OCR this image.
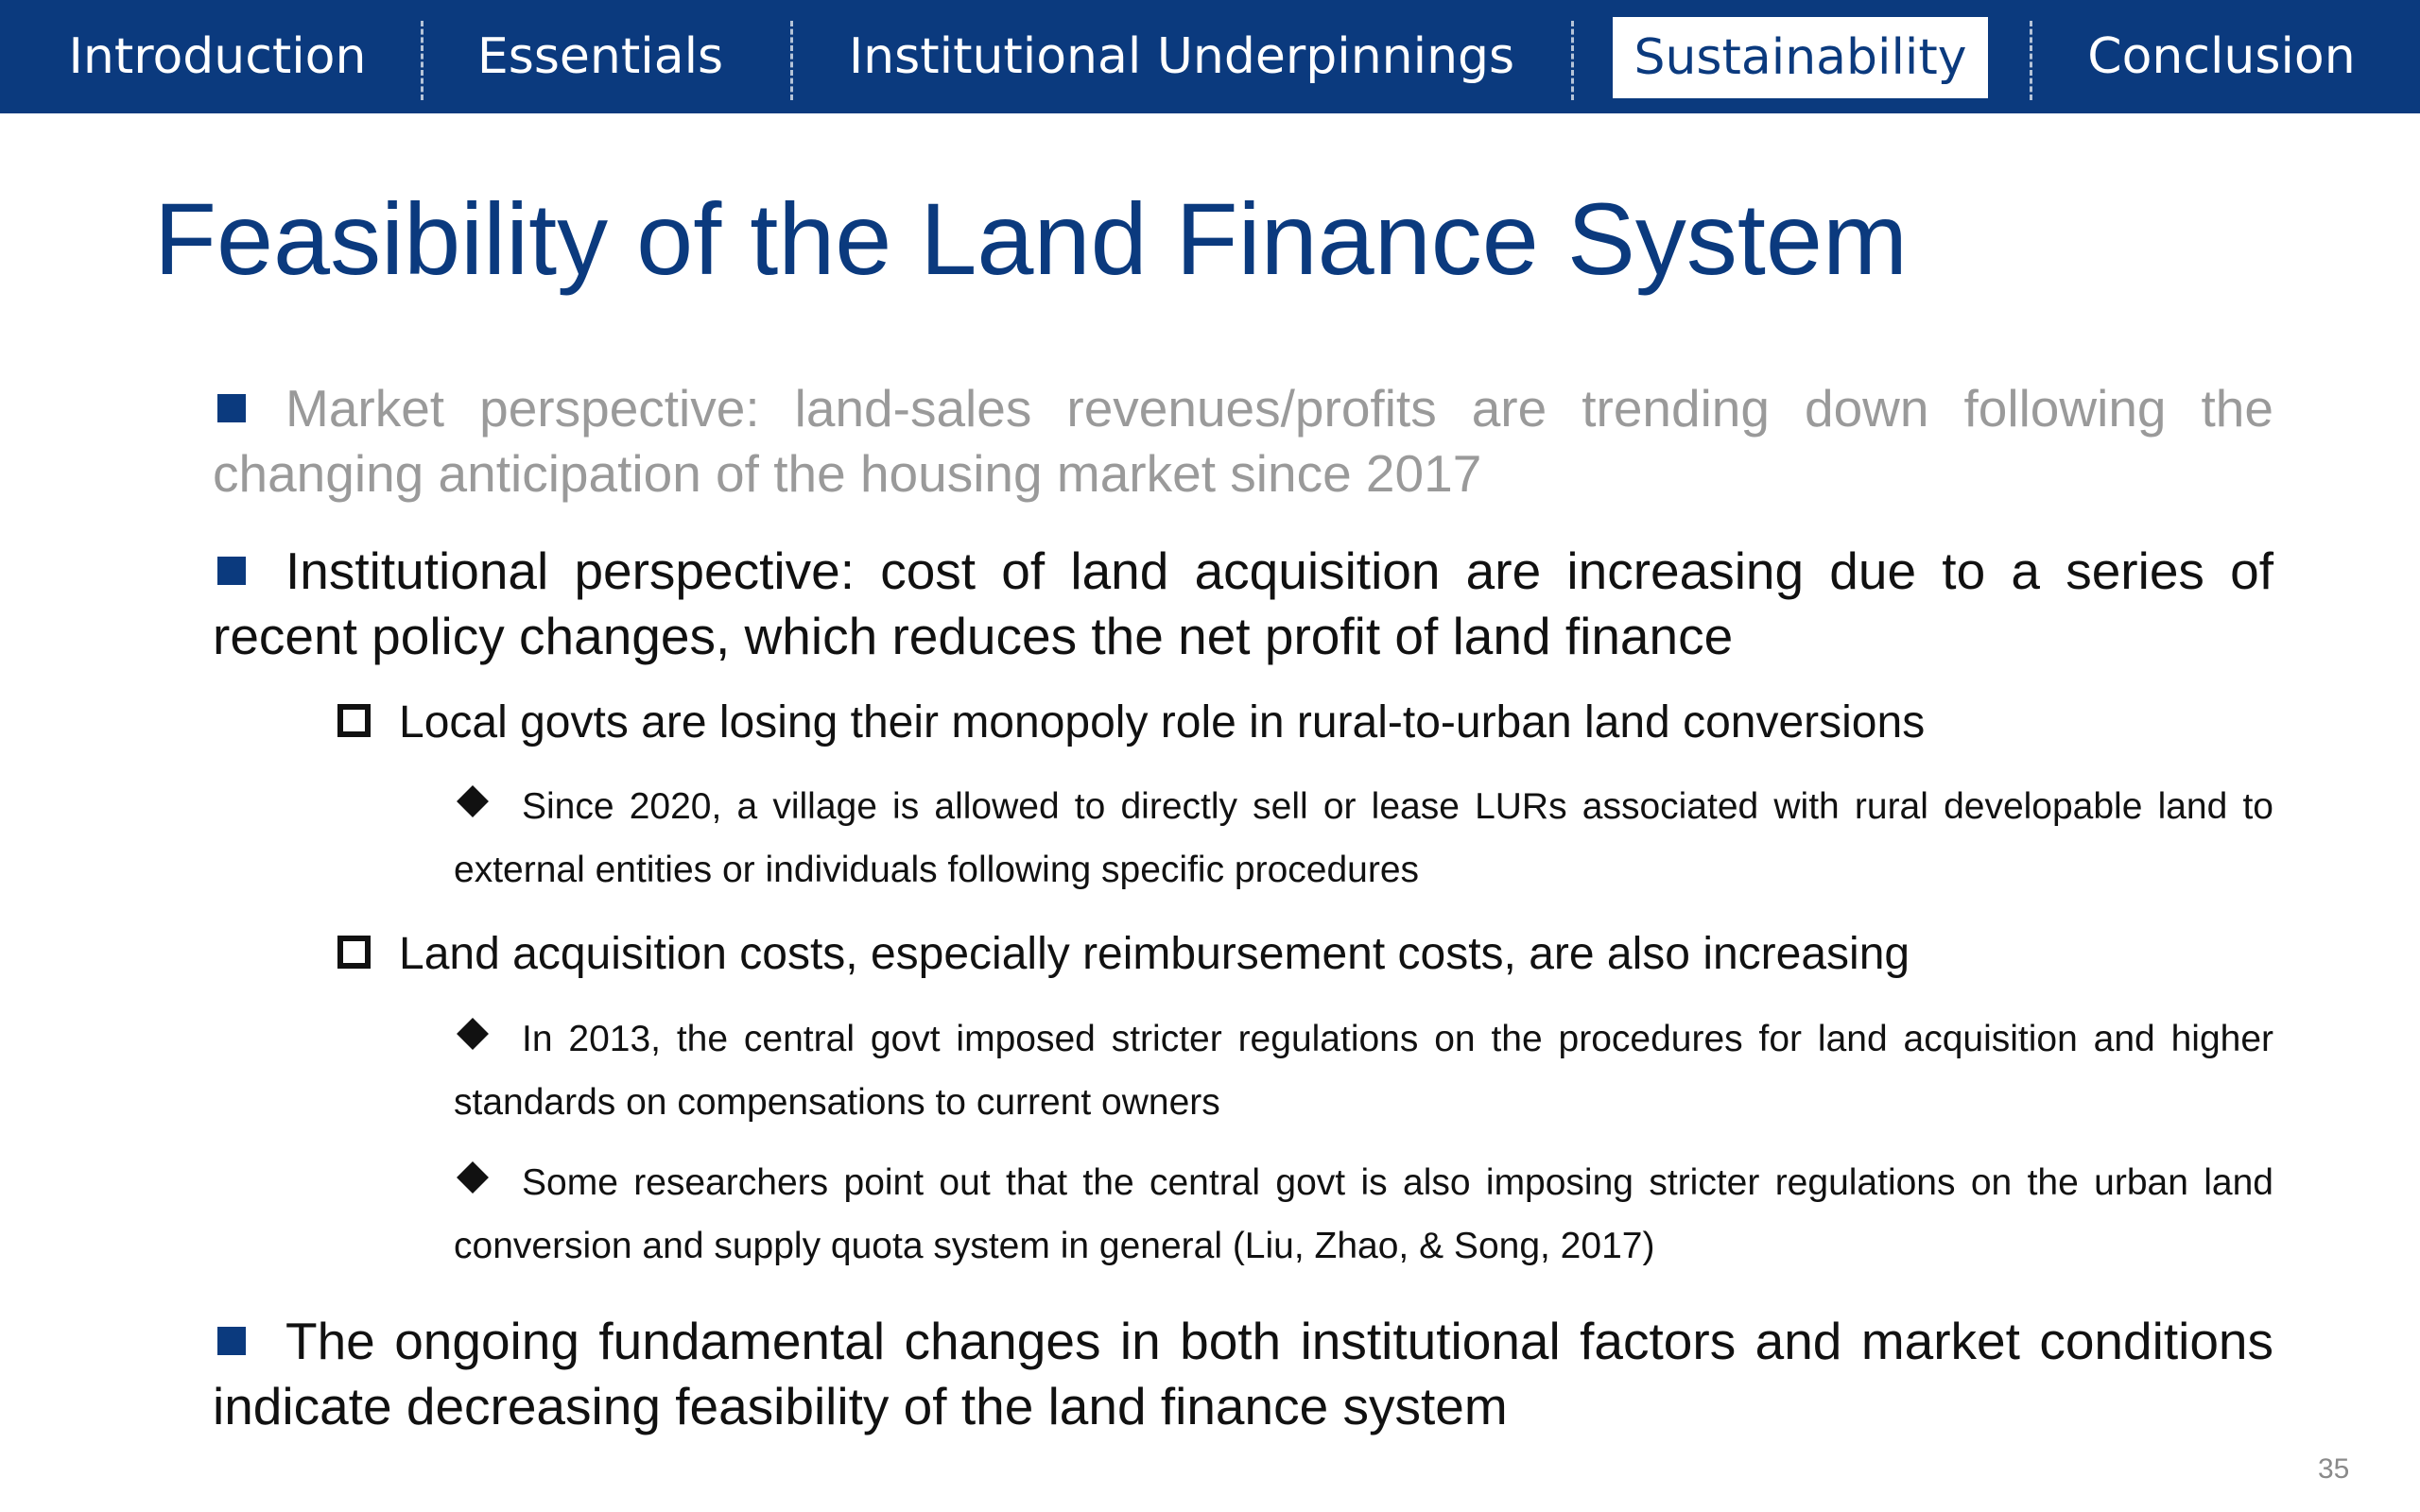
Introduction Essentials	Institutional Underpinnings	Sustainability	Conclusion
Feasibility of the Land Finance System
Market perspective: land-sales revenues/profits are trending down following the changing anticipation of the housing market since 2017
Institutional perspective: cost of land acquisition are increasing due to a series of recent policy changes, which reduces the net profit of land finance
Local govts are losing their monopoly role in rural-to-urban land conversions
Since 2020, a village is allowed to directly sell or lease LURs associated with rural developable land to external entities or individuals following specific procedures
Land acquisition costs, especially reimbursement costs, are also increasing
In 2013, the central govt imposed stricter regulations on the procedures for land acquisition and higher standards on compensations to current owners
Some researchers point out that the central govt is also imposing stricter regulations on the urban land conversion and supply quota system in general (Liu, Zhao, & Song, 2017)
The ongoing fundamental changes in both institutional factors and market conditions indicate decreasing feasibility of the land finance system
35
